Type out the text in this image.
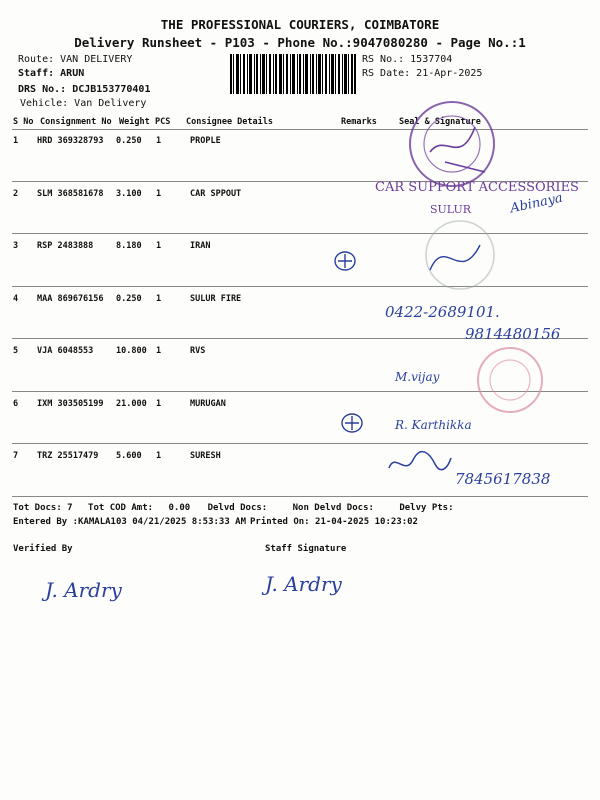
THE PROFESSIONAL COURIERS, COIMBATORE
Delivery Runsheet - P103 - Phone No.:9047080280 - Page No.:1
Route: VAN DELIVERY
Staff: ARUN
DRS No.: DCJB153770401
Vehicle: Van Delivery
RS No.: 1537704
RS Date: 21-Apr-2025
S No Consignment No Weight PCS Consignee Details	Remarks	Seal & Signature
1 HRD 369328793 0.250 1	PROPLE
2 SLM 368581678 3.100 1	CAR SPPOUT
3 RSP 2483888	8.180 1	IRAN
4 MAA 869676156 0.250 1	SULUR FIRE
5 VJA 6048553	10.800 1	RVS
6 IXM 303505199 21.000 1	MURUGAN
7 TRZ 25517479 5.600 1	SURESH
Tot Docs: 7 Tot COD Amt: 0.00 Delvd Docs:	Non Delvd Docs:	Delvy Pts:
Entered By :KAMALA103 04/21/2025 8:53:33 AM Printed On: 21-04-2025 10:23:02
Verified By	Staff Signature
CAR SUPPORT ACCESSORIES
SULUR	Abinaya
0422-2689101.
9814480156
M.vijay
R. Karthikka
7845617838
J. Ardry	J. Ardry
